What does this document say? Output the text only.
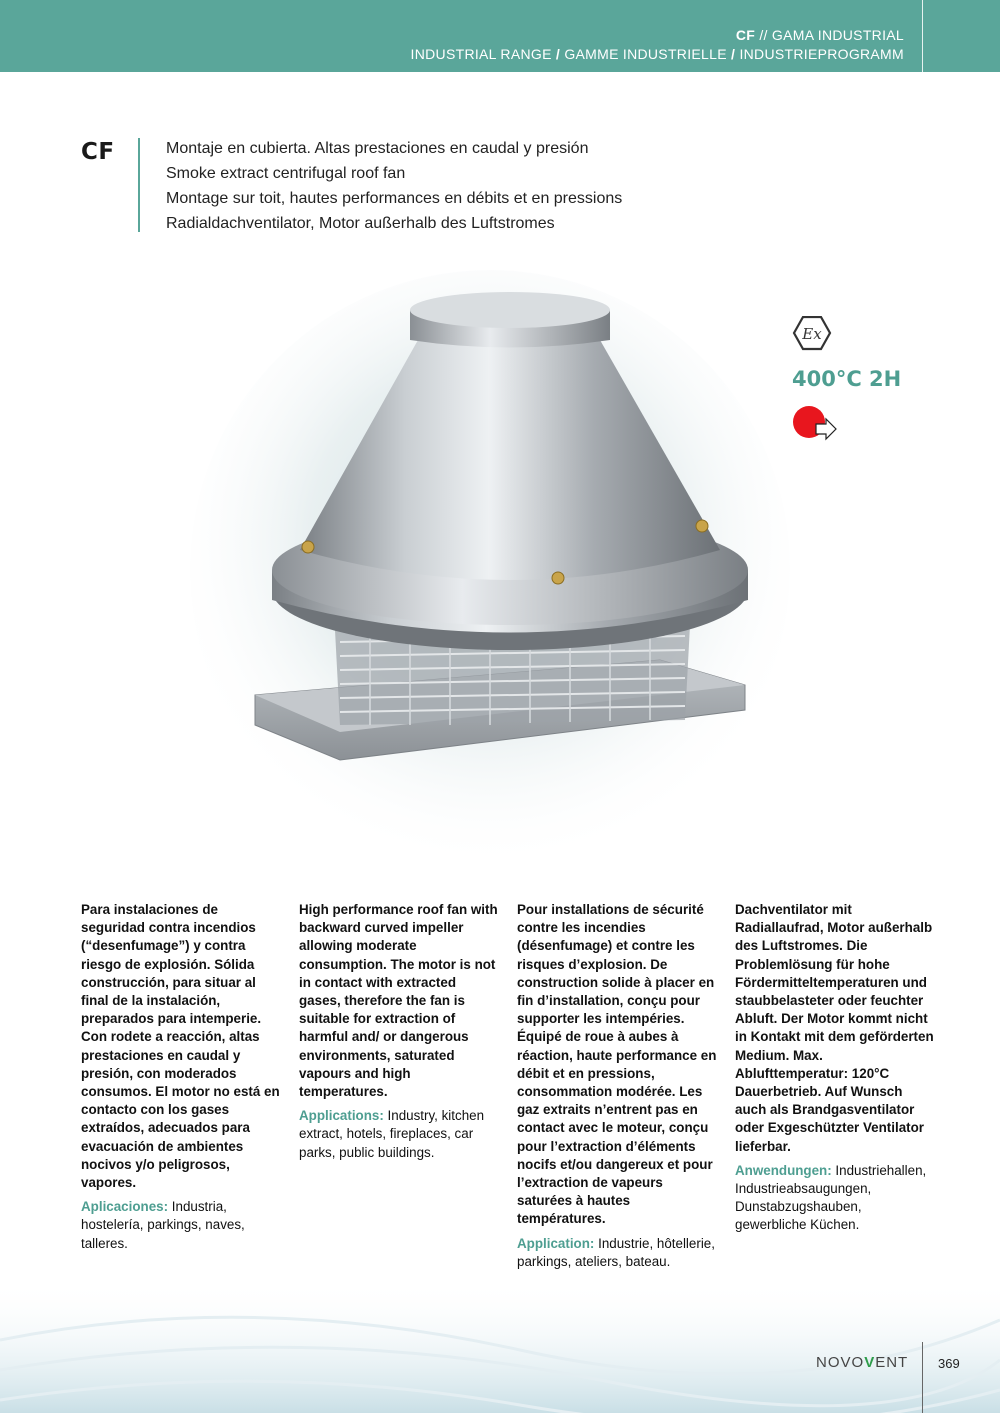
CF // GAMA INDUSTRIAL
INDUSTRIAL RANGE / GAMME INDUSTRIELLE / INDUSTRIEPROGRAMM
CF	Montaje en cubierta. Altas prestaciones en caudal y presión
Smoke extract centrifugal roof fan
Montage sur toit, hautes performances en débits et en pressions
Radialdachventilator, Motor außerhalb des Luftstromes
Ex
400°C 2H
Para instalaciones de seguridad contra incendios (“desenfumage”) y contra riesgo de explosión. Sólida construcción, para situar al final de la instalación, preparados para intemperie. Con rodete a reacción, altas prestaciones en caudal y presión, con moderados consumos. El motor no está en contacto con los gases extraídos, adecuados para evacuación de ambientes nocivos y/o peligrosos, vapores.
Aplicaciones: Industria, hostelería, parkings, naves, talleres.
High performance roof fan with backward curved impeller allowing moderate consumption. The motor is not in contact with extracted gases, therefore the fan is suitable for extraction of harmful and/ or dangerous environments, saturated vapours and high temperatures.
Applications: Industry, kitchen extract, hotels, fireplaces, car parks, public buildings.
Pour installations de sécurité contre les incendies (désenfumage) et contre les risques d’explosion. De construction solide à placer en fin d’installation, conçu pour supporter les intempéries. Équipé de roue à aubes à réaction, haute performance en débit et en pressions, consommation modérée. Les gaz extraits n’entrent pas en contact avec le moteur, conçu pour l’extraction d’éléments nocifs et/ou dangereux et pour l’extraction de vapeurs saturées à hautes températures.
Application: Industrie, hôtellerie, parkings, ateliers, bateau.
Dachventilator mit Radiallaufrad, Motor außerhalb des Luftstromes. Die Problemlösung für hohe Fördermitteltemperaturen und staubbelasteter oder feuchter Abluft. Der Motor kommt nicht in Kontakt mit dem geförderten Medium. Max. Ablufttemperatur: 120°C Dauerbetrieb. Auf Wunsch auch als Brandgasventilator oder Exgeschützter Ventilator lieferbar.
Anwendungen: Industriehallen, Industrieabsaugungen, Dunstabzugshauben, gewerbliche Küchen.
NOVOVENT 369
